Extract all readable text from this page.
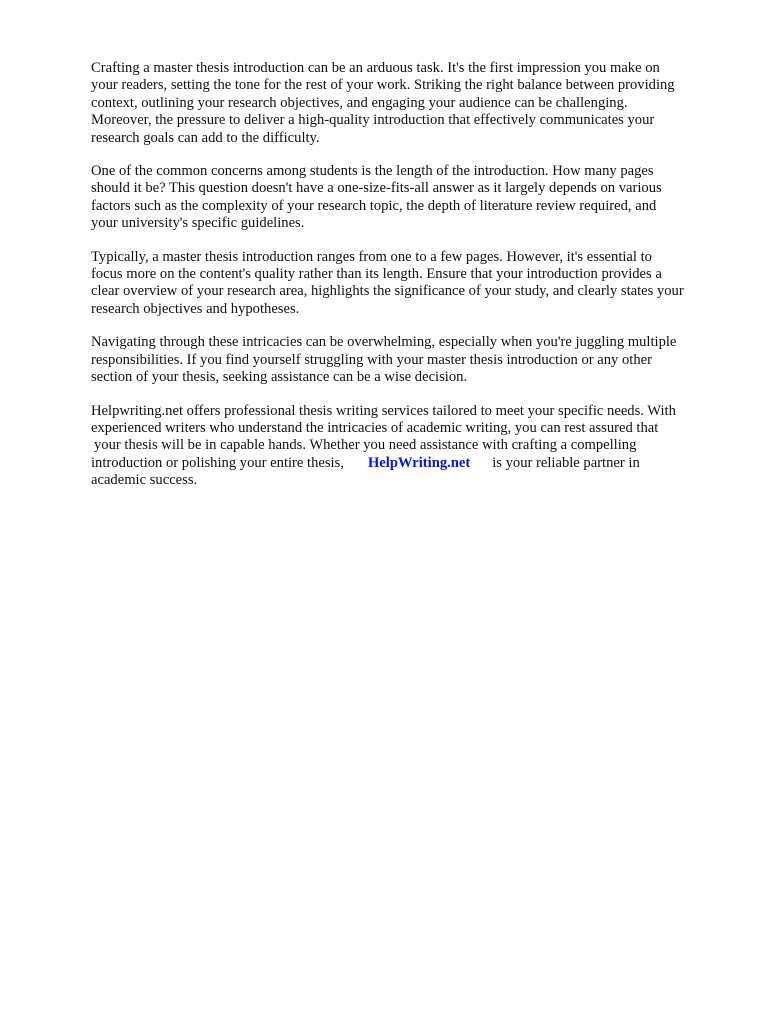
Crafting a master thesis introduction can be an arduous task. It's the first impression you make on
your readers, setting the tone for the rest of your work. Striking the right balance between providing
context, outlining your research objectives, and engaging your audience can be challenging.
Moreover, the pressure to deliver a high-quality introduction that effectively communicates your
research goals can add to the difficulty.

One of the common concerns among students is the length of the introduction. How many pages
should it be? This question doesn't have a one-size-fits-all answer as it largely depends on various
factors such as the complexity of your research topic, the depth of literature review required, and
your university's specific guidelines.

Typically, a master thesis introduction ranges from one to a few pages. However, it's essential to
focus more on the content's quality rather than its length. Ensure that your introduction provides a
clear overview of your research area, highlights the significance of your study, and clearly states your
research objectives and hypotheses.

Navigating through these intricacies can be overwhelming, especially when you're juggling multiple
responsibilities. If you find yourself struggling with your master thesis introduction or any other
section of your thesis, seeking assistance can be a wise decision.

Helpwriting.net offers professional thesis writing services tailored to meet your specific needs. With
experienced writers who understand the intricacies of academic writing, you can rest assured that
your thesis will be in capable hands. Whether you need assistance with crafting a compelling
introduction or polishing your entire thesis, HelpWriting.net is your reliable partner in
academic success.
